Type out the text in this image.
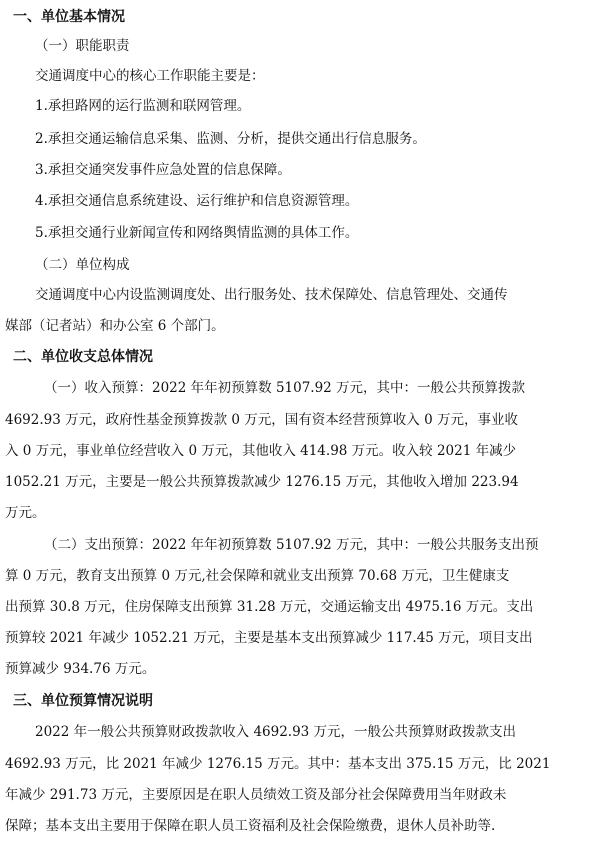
一、单位基本情况
（一）职能职责
交通调度中心的核心工作职能主要是：
1.承担路网的运行监测和联网管理。
2.承担交通运输信息采集、监测、分析，提供交通出行信息服务。
3.承担交通突发事件应急处置的信息保障。
4.承担交通信息系统建设、运行维护和信息资源管理。
5.承担交通行业新闻宣传和网络舆情监测的具体工作。
（二）单位构成
交通调度中心内设监测调度处、出行服务处、技术保障处、信息管理处、交通传
媒部（记者站）和办公室 6 个部门。
二、单位收支总体情况
（一）收入预算：2022 年年初预算数 5107.92 万元，其中：一般公共预算拨款
4692.93 万元，政府性基金预算拨款 0 万元，国有资本经营预算收入 0 万元，事业收
入 0 万元，事业单位经营收入 0 万元，其他收入 414.98 万元。收入较 2021 年减少
1052.21 万元，主要是一般公共预算拨款减少 1276.15 万元，其他收入增加 223.94
万元。
（二）支出预算：2022 年年初预算数 5107.92 万元，其中：一般公共服务支出预
算 0 万元，教育支出预算 0 万元,社会保障和就业支出预算 70.68 万元，卫生健康支
出预算 30.8 万元，住房保障支出预算 31.28 万元，交通运输支出 4975.16 万元。支出
预算较 2021 年减少 1052.21 万元，主要是基本支出预算减少 117.45 万元，项目支出
预算减少 934.76 万元。
三、单位预算情况说明
2022 年一般公共预算财政拨款收入 4692.93 万元，一般公共预算财政拨款支出
4692.93 万元，比 2021 年减少 1276.15 万元。其中：基本支出 375.15 万元，比 2021
年减少 291.73 万元，主要原因是在职人员绩效工资及部分社会保障费用当年财政未
保障；基本支出主要用于保障在职人员工资福利及社会保险缴费，退休人员补助等.
